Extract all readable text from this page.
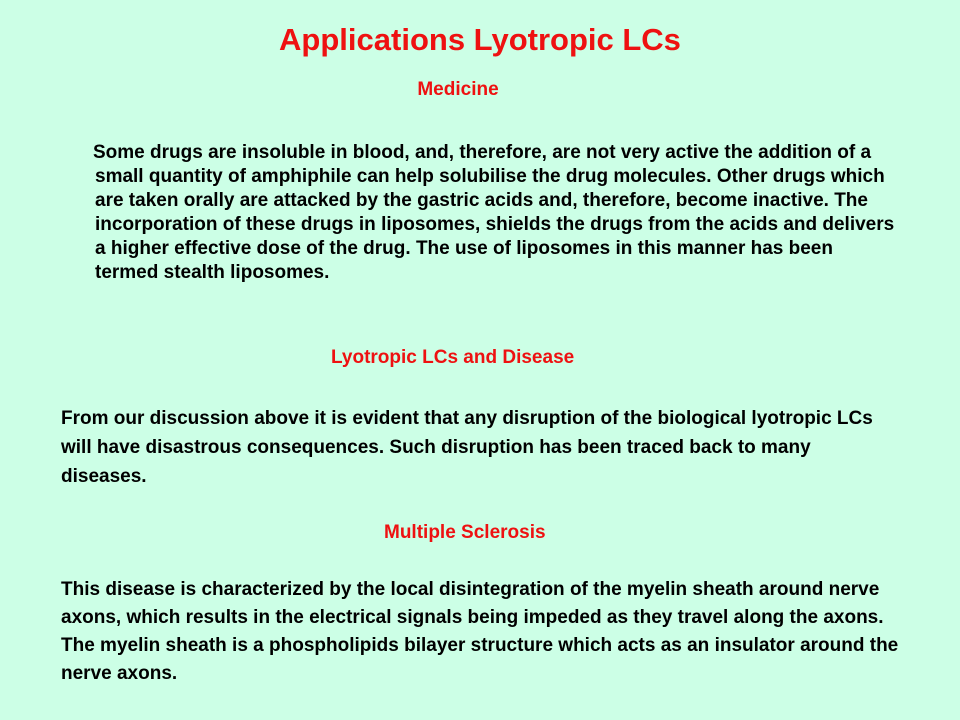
Applications Lyotropic LCs
Medicine

Some drugs are insoluble in blood, and, therefore, are not very active the addition of a small quantity of amphiphile can help solubilise the drug molecules. Other drugs which are taken orally are attacked by the gastric acids and, therefore, become inactive. The incorporation of these drugs in liposomes, shields the drugs from the acids and delivers a higher effective dose of the drug. The use of liposomes in this manner has been termed stealth liposomes.

Lyotropic LCs and Disease

From our discussion above it is evident that any disruption of the biological lyotropic LCs will have disastrous consequences. Such disruption has been traced back to many diseases.

Multiple Sclerosis

This disease is characterized by the local disintegration of the myelin sheath around nerve axons, which results in the electrical signals being impeded as they travel along the axons. The myelin sheath is a phospholipids bilayer structure which acts as an insulator around the nerve axons.
